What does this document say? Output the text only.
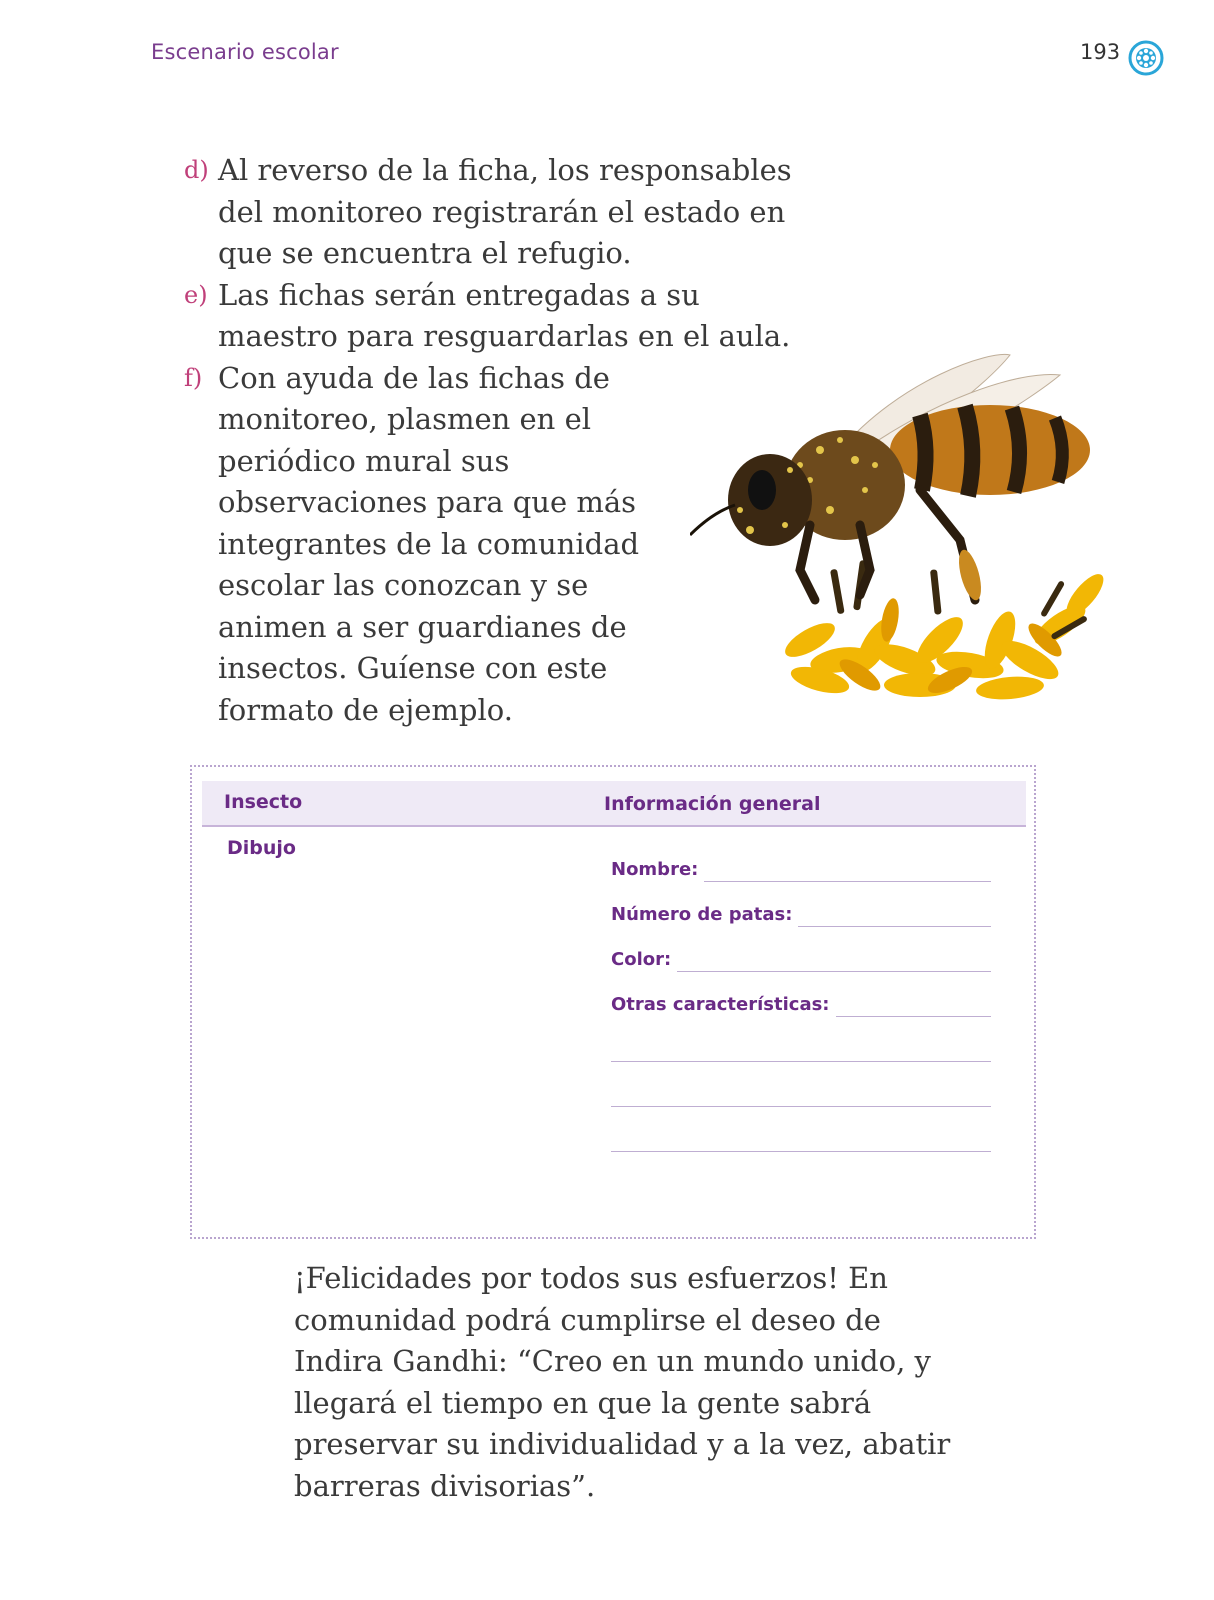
Escenario escolar	193
d) Al reverso de la ficha, los responsables del monitoreo registrarán el estado en que se encuentra el refugio.
e) Las fichas serán entregadas a su maestro para resguardarlas en el aula.
f) Con ayuda de las fichas de monitoreo, plasmen en el periódico mural sus observaciones para que más integrantes de la comunidad escolar las conozcan y se animen a ser guardianes de insectos. Guíense con este formato de ejemplo.
Insecto	Información general
Dibujo
Nombre:
Número de patas:
Color:
Otras características:

¡Felicidades por todos sus esfuerzos! En comunidad podrá cumplirse el deseo de Indira Gandhi: “Creo en un mundo unido, y llegará el tiempo en que la gente sabrá preservar su individualidad y a la vez, abatir barreras divisorias”.
